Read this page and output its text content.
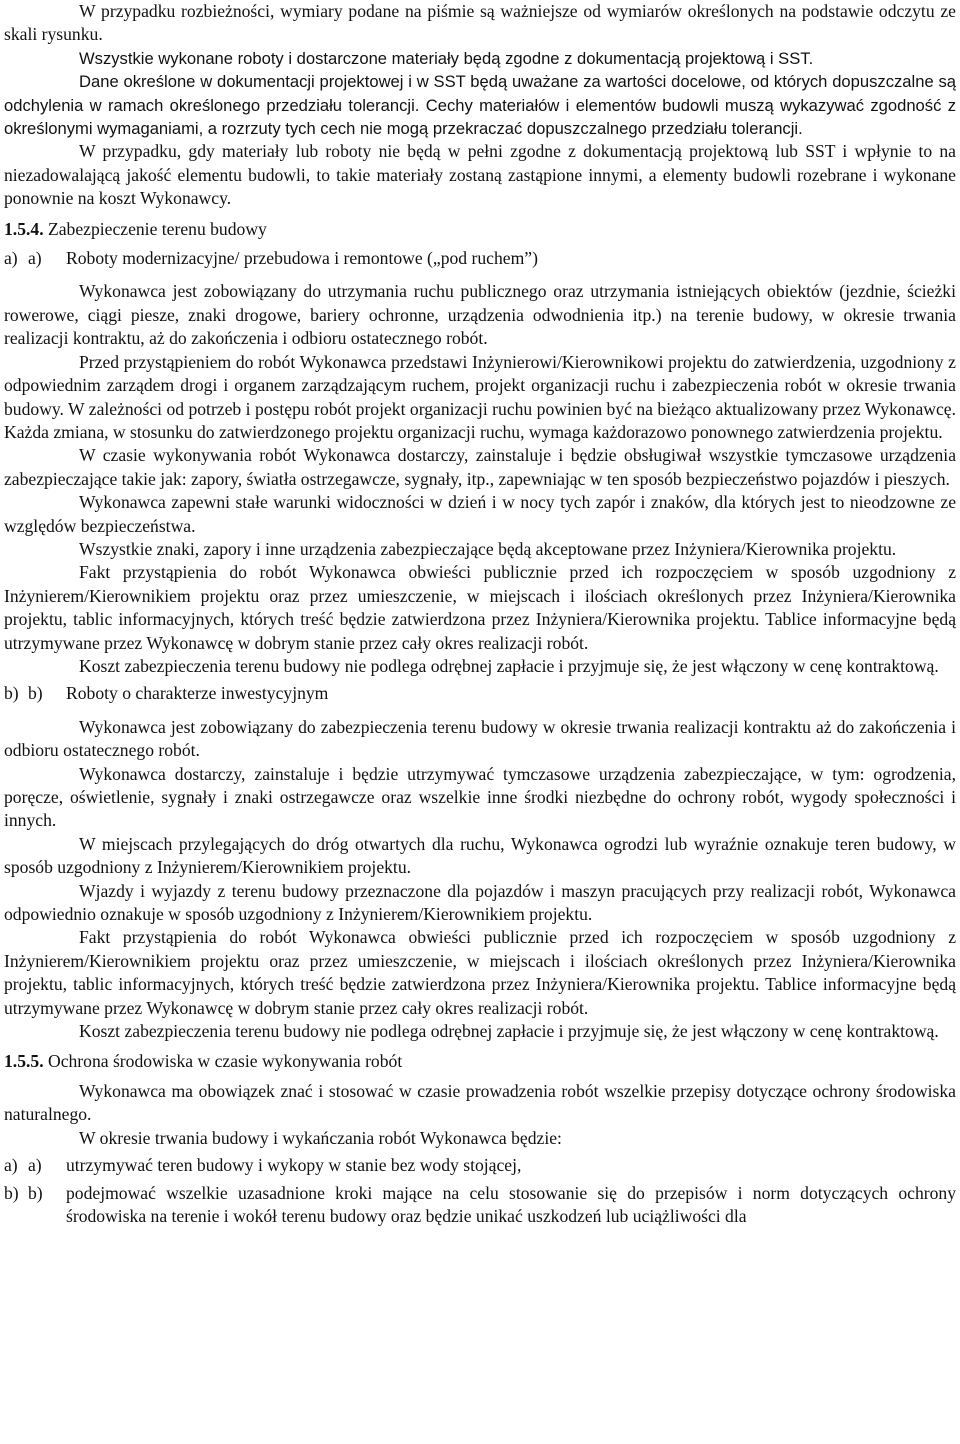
W przypadku rozbieżności, wymiary podane na piśmie są ważniejsze od wymiarów określonych na podstawie odczytu ze skali rysunku.

Wszystkie wykonane roboty i dostarczone materiały będą zgodne z dokumentacją projektową i SST.

Dane określone w dokumentacji projektowej i w SST będą uważane za wartości docelowe, od których dopuszczalne są odchylenia w ramach określonego przedziału tolerancji. Cechy materiałów i elementów budowli muszą wykazywać zgodność z określonymi wymaganiami, a rozrzuty tych cech nie mogą przekraczać dopuszczalnego przedziału tolerancji.

W przypadku, gdy materiały lub roboty nie będą w pełni zgodne z dokumentacją projektową lub SST i wpłynie to na niezadowalającą jakość elementu budowli, to takie materiały zostaną zastąpione innymi, a elementy budowli rozebrane i wykonane ponownie na koszt Wykonawcy.

1.5.4. Zabezpieczenie terenu budowy

a) a)	Roboty modernizacyjne/ przebudowa i remontowe („pod ruchem”)

Wykonawca jest zobowiązany do utrzymania ruchu publicznego oraz utrzymania istniejących obiektów (jezdnie, ścieżki rowerowe, ciągi piesze, znaki drogowe, bariery ochronne, urządzenia odwodnienia itp.) na terenie budowy, w okresie trwania realizacji kontraktu, aż do zakończenia i odbioru ostatecznego robót.

Przed przystąpieniem do robót Wykonawca przedstawi Inżynierowi/Kierownikowi projektu do zatwierdzenia, uzgodniony z odpowiednim zarządem drogi i organem zarządzającym ruchem, projekt organizacji ruchu i zabezpieczenia robót w okresie trwania budowy. W zależności od potrzeb i postępu robót projekt organizacji ruchu powinien być na bieżąco aktualizowany przez Wykonawcę. Każda zmiana, w stosunku do zatwierdzonego projektu organizacji ruchu, wymaga każdorazowo ponownego zatwierdzenia projektu.

W czasie wykonywania robót Wykonawca dostarczy, zainstaluje i będzie obsługiwał wszystkie tymczasowe urządzenia zabezpieczające takie jak: zapory, światła ostrzegawcze, sygnały, itp., zapewniając w ten sposób bezpieczeństwo pojazdów i pieszych.

Wykonawca zapewni stałe warunki widoczności w dzień i w nocy tych zapór i znaków, dla których jest to nieodzowne ze względów bezpieczeństwa.

Wszystkie znaki, zapory i inne urządzenia zabezpieczające będą akceptowane przez Inżyniera/Kierownika projektu.

Fakt przystąpienia do robót Wykonawca obwieści publicznie przed ich rozpoczęciem w sposób uzgodniony z Inżynierem/Kierownikiem projektu oraz przez umieszczenie, w miejscach i ilościach określonych przez Inżyniera/Kierownika projektu, tablic informacyjnych, których treść będzie zatwierdzona przez Inżyniera/Kierownika projektu. Tablice informacyjne będą utrzymywane przez Wykonawcę w dobrym stanie przez cały okres realizacji robót.

Koszt zabezpieczenia terenu budowy nie podlega odrębnej zapłacie i przyjmuje się, że jest włączony w cenę kontraktową.

b) b)	Roboty o charakterze inwestycyjnym

Wykonawca jest zobowiązany do zabezpieczenia terenu budowy w okresie trwania realizacji kontraktu aż do zakończenia i odbioru ostatecznego robót.

Wykonawca dostarczy, zainstaluje i będzie utrzymywać tymczasowe urządzenia zabezpieczające, w tym: ogrodzenia, poręcze, oświetlenie, sygnały i znaki ostrzegawcze oraz wszelkie inne środki niezbędne do ochrony robót, wygody społeczności i innych.

W miejscach przylegających do dróg otwartych dla ruchu, Wykonawca ogrodzi lub wyraźnie oznakuje teren budowy, w sposób uzgodniony z Inżynierem/Kierownikiem projektu.

Wjazdy i wyjazdy z terenu budowy przeznaczone dla pojazdów i maszyn pracujących przy realizacji robót, Wykonawca odpowiednio oznakuje w sposób uzgodniony z Inżynierem/Kierownikiem projektu.

Fakt przystąpienia do robót Wykonawca obwieści publicznie przed ich rozpoczęciem w sposób uzgodniony z Inżynierem/Kierownikiem projektu oraz przez umieszczenie, w miejscach i ilościach określonych przez Inżyniera/Kierownika projektu, tablic informacyjnych, których treść będzie zatwierdzona przez Inżyniera/Kierownika projektu. Tablice informacyjne będą utrzymywane przez Wykonawcę w dobrym stanie przez cały okres realizacji robót.

Koszt zabezpieczenia terenu budowy nie podlega odrębnej zapłacie i przyjmuje się, że jest włączony w cenę kontraktową.

1.5.5. Ochrona środowiska w czasie wykonywania robót

Wykonawca ma obowiązek znać i stosować w czasie prowadzenia robót wszelkie przepisy dotyczące ochrony środowiska naturalnego.

W okresie trwania budowy i wykańczania robót Wykonawca będzie:

a) a)	utrzymywać teren budowy i wykopy w stanie bez wody stojącej,
b) b)	podejmować wszelkie uzasadnione kroki mające na celu stosowanie się do przepisów i norm dotyczących ochrony środowiska na terenie i wokół terenu budowy oraz będzie unikać uszkodzeń lub uciążliwości dla
